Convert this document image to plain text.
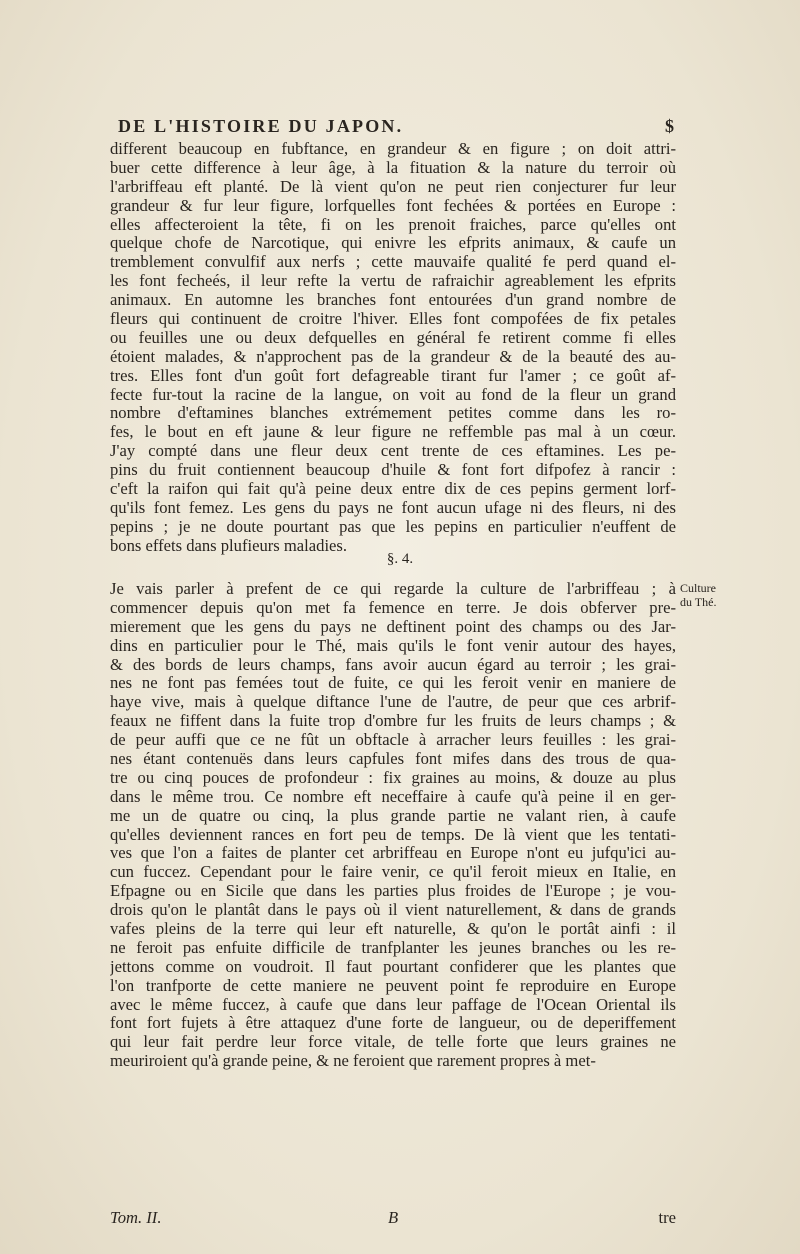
DE L'HISTOIRE DU JAPON.	$
different beaucoup en fubftance, en grandeur & en figure ; on doit attri-
buer cette difference à leur âge, à la fituation & la nature du terroir où
l'arbriffeau eft planté. De là vient qu'on ne peut rien conjecturer fur leur
grandeur & fur leur figure, lorfquelles font fechées & portées en Europe :
elles affecteroient la tête, fi on les prenoit fraiches, parce qu'elles ont
quelque chofe de Narcotique, qui enivre les efprits animaux, & caufe un
tremblement convulfif aux nerfs ; cette mauvaife qualité fe perd quand el-
les font fecheés, il leur refte la vertu de rafraichir agreablement les efprits
animaux. En automne les branches font entourées d'un grand nombre de
fleurs qui continuent de croitre l'hiver. Elles font compofées de fix petales
ou feuilles une ou deux defquelles en général fe retirent comme fi elles
étoient malades, & n'approchent pas de la grandeur & de la beauté des au-
tres. Elles font d'un goût fort defagreable tirant fur l'amer ; ce goût af-
fecte fur-tout la racine de la langue, on voit au fond de la fleur un grand
nombre d'eftamines blanches extrémement petites comme dans les ro-
fes, le bout en eft jaune & leur figure ne reffemble pas mal à un cœur.
J'ay compté dans une fleur deux cent trente de ces eftamines. Les pe-
pins du fruit contiennent beaucoup d'huile & font fort difpofez à rancir :
c'eft la raifon qui fait qu'à peine deux entre dix de ces pepins germent lorf-
qu'ils font femez. Les gens du pays ne font aucun ufage ni des fleurs, ni des
pepins ; je ne doute pourtant pas que les pepins en particulier n'euffent de
bons effets dans plufieurs maladies.
§. 4.
Culture
du Thé.
Je vais parler à prefent de ce qui regarde la culture de l'arbriffeau ; à
commencer depuis qu'on met fa femence en terre. Je dois obferver pre-
mierement que les gens du pays ne deftinent point des champs ou des Jar-
dins en particulier pour le Thé, mais qu'ils le font venir autour des hayes,
& des bords de leurs champs, fans avoir aucun égard au terroir ; les grai-
nes ne font pas femées tout de fuite, ce qui les feroit venir en maniere de
haye vive, mais à quelque diftance l'une de l'autre, de peur que ces arbrif-
feaux ne fiffent dans la fuite trop d'ombre fur les fruits de leurs champs ; &
de peur auffi que ce ne fût un obftacle à arracher leurs feuilles : les grai-
nes étant contenuës dans leurs capfules font mifes dans des trous de qua-
tre ou cinq pouces de profondeur : fix graines au moins, & douze au plus
dans le même trou. Ce nombre eft neceffaire à caufe qu'à peine il en ger-
me un de quatre ou cinq, la plus grande partie ne valant rien, à caufe
qu'elles deviennent rances en fort peu de temps. De là vient que les tentati-
ves que l'on a faites de planter cet arbriffeau en Europe n'ont eu jufqu'ici au-
cun fuccez. Cependant pour le faire venir, ce qu'il feroit mieux en Italie, en
Efpagne ou en Sicile que dans les parties plus froides de l'Europe ; je vou-
drois qu'on le plantât dans le pays où il vient naturellement, & dans de grands
vafes pleins de la terre qui leur eft naturelle, & qu'on le portât ainfi : il
ne feroit pas enfuite difficile de tranfplanter les jeunes branches ou les re-
jettons comme on voudroit. Il faut pourtant confiderer que les plantes que
l'on tranfporte de cette maniere ne peuvent point fe reproduire en Europe
avec le même fuccez, à caufe que dans leur paffage de l'Ocean Oriental ils
font fort fujets à être attaquez d'une forte de langueur, ou de deperiffement
qui leur fait perdre leur force vitale, de telle forte que leurs graines ne
meuriroient qu'à grande peine, & ne feroient que rarement propres à met-
Tom. II.	B	tre
